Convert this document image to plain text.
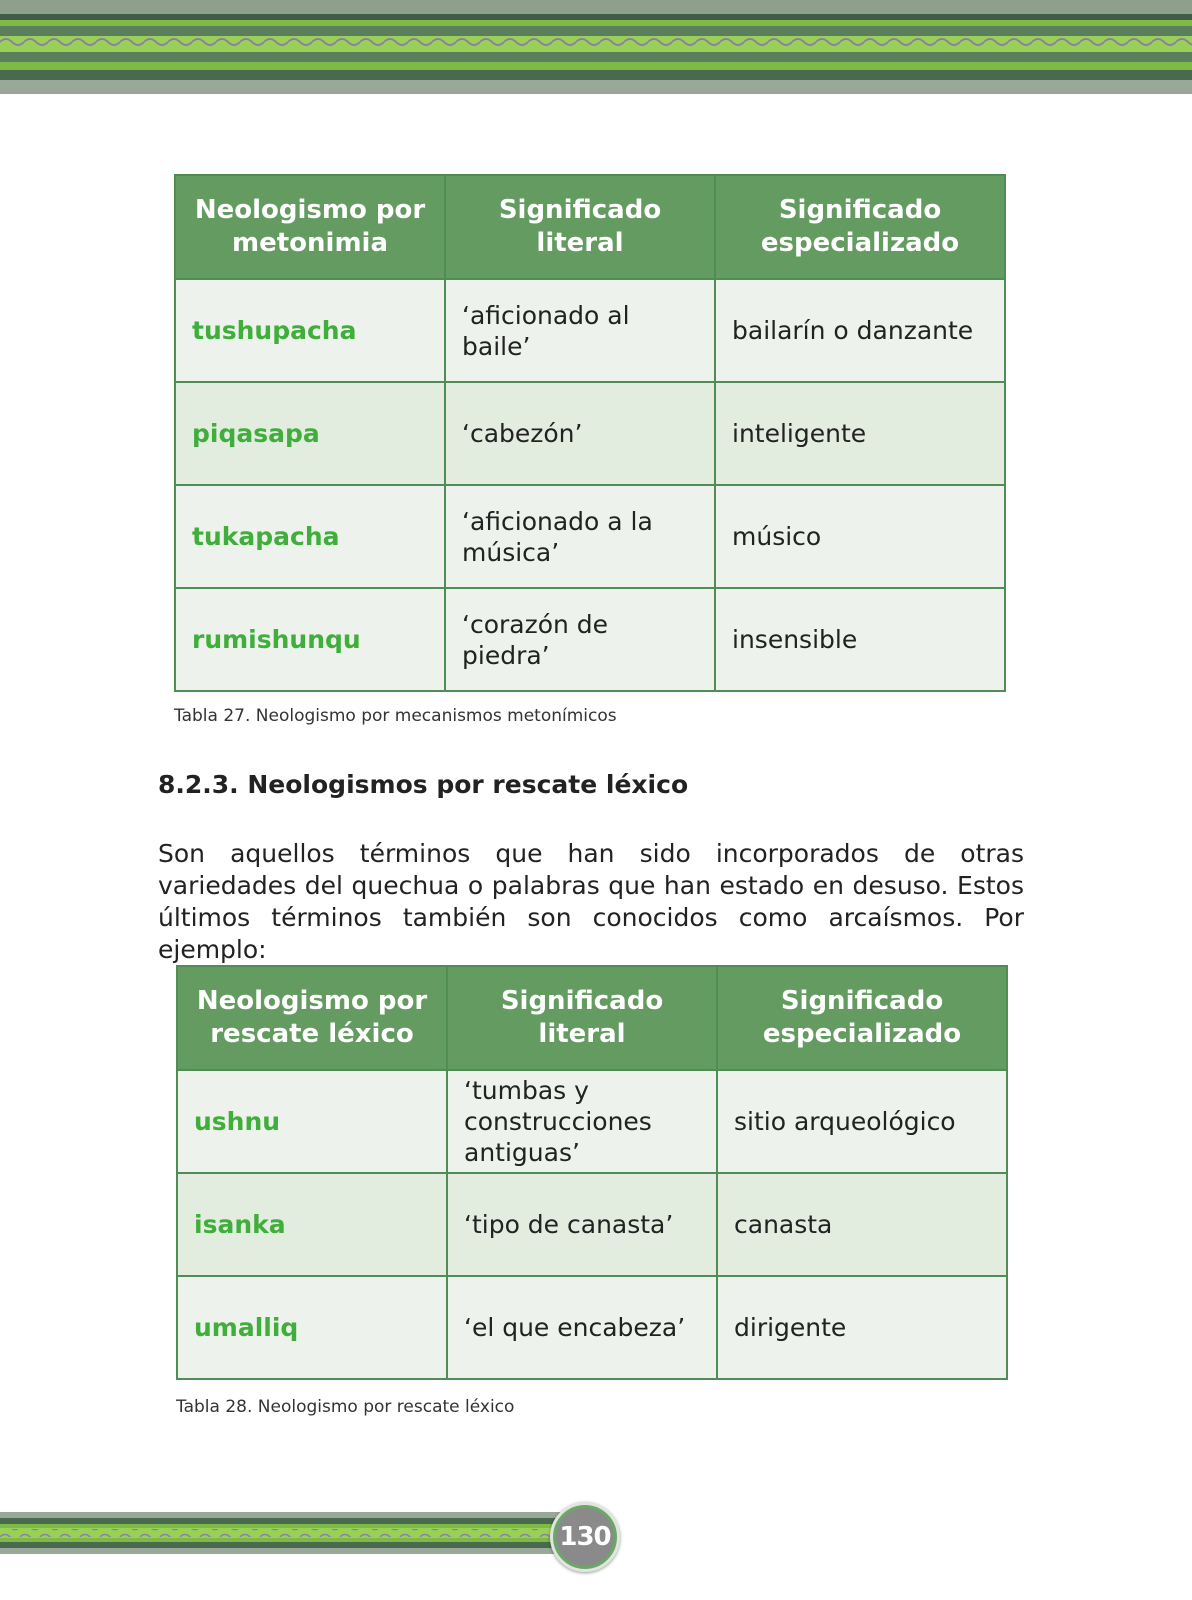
Neologismo por metonimia	Significado literal	Significado especializado
tushupacha	‘aficionado al baile’	bailarín o danzante
piqasapa	‘cabezón’	inteligente
tukapacha	‘aficionado a la música’	músico
rumishunqu	‘corazón de piedra’	insensible
Tabla 27. Neologismo por mecanismos metonímicos
8.2.3. Neologismos por rescate léxico

Son aquellos términos que han sido incorporados de otras variedades del quechua o palabras que han estado en desuso. Estos últimos términos también son conocidos como arcaísmos. Por ejemplo:

Neologismo por rescate léxico	Significado literal	Significado especializado
ushnu	‘tumbas y construcciones antiguas’	sitio arqueológico
isanka	‘tipo de canasta’	canasta
umalliq	‘el que encabeza’	dirigente
Tabla 28. Neologismo por rescate léxico
130
